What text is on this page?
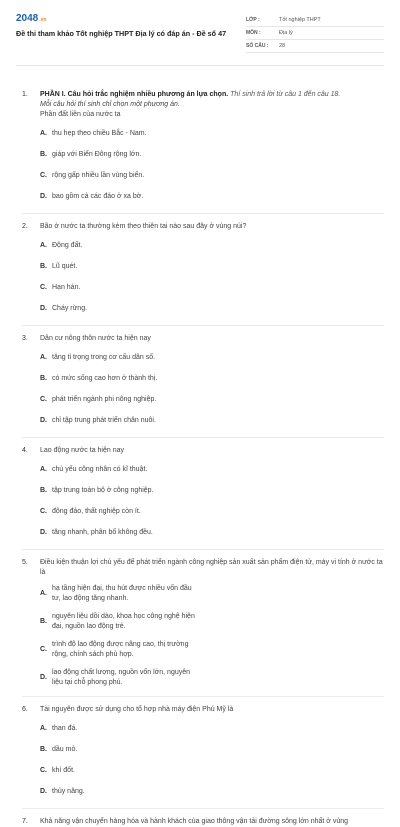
2048.vn
Đề thi tham khảo Tốt nghiệp THPT Địa lý có đáp án - Đề số 47
LỚP :	Tốt nghiệp THPT
MÔN :	Địa lý
SỐ CÂU :	28
1.	PHẦN I. Câu hỏi trắc nghiệm nhiều phương án lựa chọn. Thí sinh trả lời từ câu 1 đến câu 18.
Mỗi câu hỏi thí sinh chỉ chọn một phương án.
Phần đất liền của nước ta
A. thu hẹp theo chiều Bắc - Nam.
B. giáp với Biển Đông rộng lớn.
C. rộng gấp nhiều lần vùng biển.
D. bao gồm cả các đảo ở xa bờ.
2.	Bão ở nước ta thường kèm theo thiên tai nào sau đây ở vùng núi?
A. Động đất.
B. Lũ quét.
C. Hạn hán.
D. Cháy rừng.
3.	Dân cư nông thôn nước ta hiện nay
A. tăng tỉ trọng trong cơ cấu dân số.
B. có mức sống cao hơn ở thành thị.
C. phát triển ngành phi nông nghiệp.
D. chỉ tập trung phát triển chăn nuôi.
4.	Lao động nước ta hiện nay
A. chủ yếu công nhân có kĩ thuật.
B. tập trung toàn bộ ở công nghiệp.
C. đông đảo, thất nghiệp còn ít.
D. tăng nhanh, phân bố không đều.
5.	Điều kiện thuận lợi chủ yếu để phát triển ngành công nghiệp sản xuất sản phẩm điện tử, máy vi tính ở nước ta là
A.
hạ tầng hiện đại, thu hút được nhiều vốn đầu tư, lao động tăng nhanh.
B.
nguyên liệu dồi dào, khoa học công nghệ hiện đại, nguồn lao động trẻ.
C.
trình độ lao động được nâng cao, thị trường rộng, chính sách phù hợp.
D.
lao động chất lượng, nguồn vốn lớn, nguyên liệu tại chỗ phong phú.
6.	Tài nguyên được sử dụng cho tổ hợp nhà máy điện Phú Mỹ là
A. than đá.
B. dầu mỏ.
C. khí đốt.
D. thủy năng.
7.	Khả năng vận chuyển hàng hóa và hành khách của giao thông vận tải đường sông lớn nhất ở vùng
